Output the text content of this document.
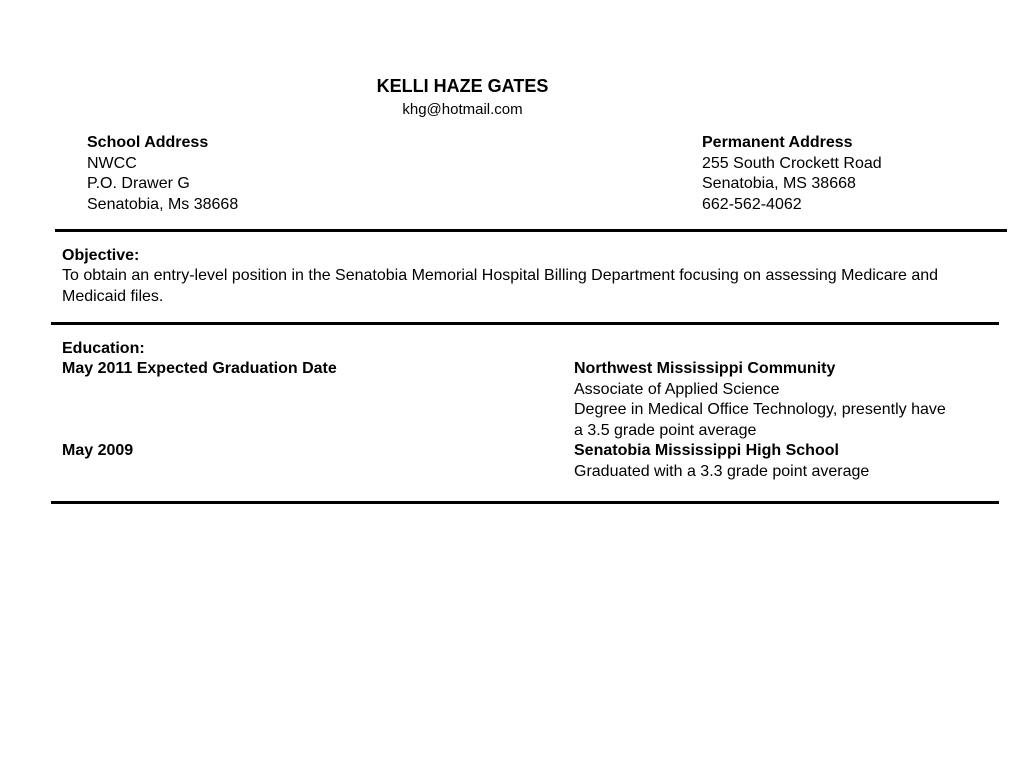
KELLI HAZE GATES
khg@hotmail.com
School Address
NWCC
P.O. Drawer G
Senatobia, Ms 38668
Permanent Address
255 South Crockett Road
Senatobia, MS 38668
662-562-4062
Objective:
To obtain an entry-level position in the Senatobia Memorial Hospital Billing Department focusing on assessing Medicare and Medicaid files.
Education:
May 2011 Expected Graduation Date	Northwest Mississippi Community
Associate of Applied Science
Degree in Medical Office Technology, presently have a 3.5 grade point average
May 2009	Senatobia Mississippi High School
Graduated with a 3.3 grade point average
